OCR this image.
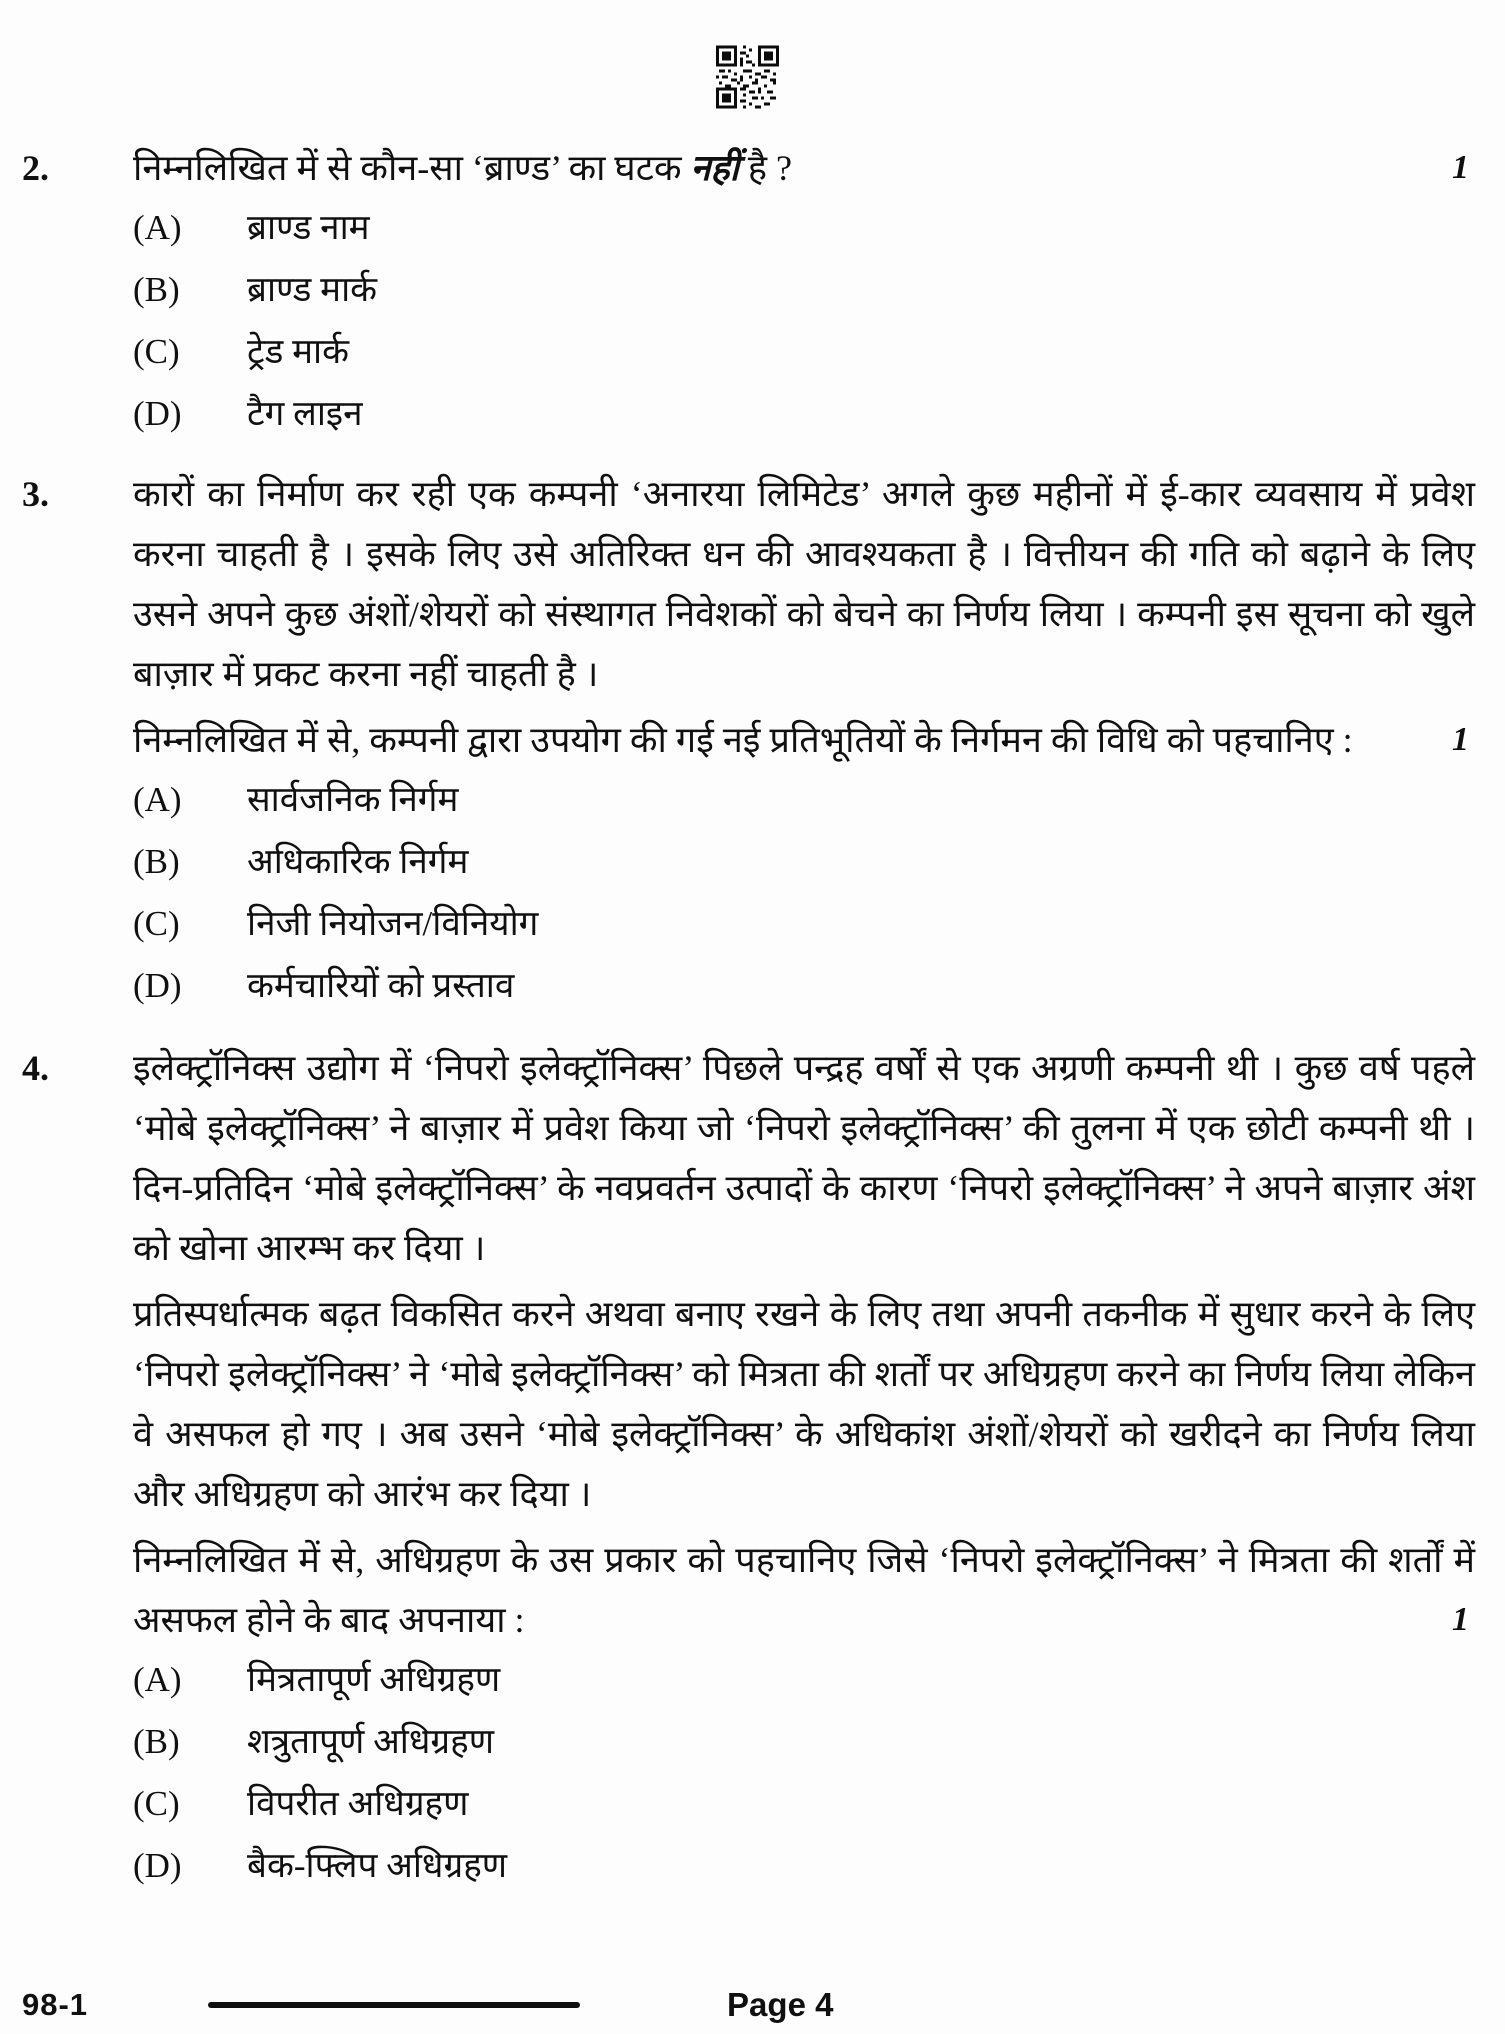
2.	निम्नलिखित में से कौन-सा ‘ब्राण्ड’ का घटक नहीं है ?	1

(A)	ब्राण्ड नाम
(B)	ब्राण्ड मार्क
(C)	ट्रेड मार्क
(D)	टैग लाइन
3.	कारों का निर्माण कर रही एक कम्पनी ‘अनारया लिमिटेड’ अगले कुछ महीनों में ई-कार व्यवसाय में प्रवेश करना चाहती है । इसके लिए उसे अतिरिक्त धन की आवश्यकता है । वित्तीयन की गति को बढ़ाने के लिए उसने अपने कुछ अंशों/शेयरों को संस्थागत निवेशकों को बेचने का निर्णय लिया । कम्पनी इस सूचना को खुले बाज़ार में प्रकट करना नहीं चाहती है ।

निम्नलिखित में से, कम्पनी द्वारा उपयोग की गई नई प्रतिभूतियों के निर्गमन की विधि को पहचानिए :	1

(A)	सार्वजनिक निर्गम
(B)	अधिकारिक निर्गम
(C)	निजी नियोजन/विनियोग
(D)	कर्मचारियों को प्रस्ताव
4.	इलेक्ट्रॉनिक्स उद्योग में ‘निपरो इलेक्ट्रॉनिक्स’ पिछले पन्द्रह वर्षों से एक अग्रणी कम्पनी थी । कुछ वर्ष पहले ‘मोबे इलेक्ट्रॉनिक्स’ ने बाज़ार में प्रवेश किया जो ‘निपरो इलेक्ट्रॉनिक्स’ की तुलना में एक छोटी कम्पनी थी । दिन-प्रतिदिन ‘मोबे इलेक्ट्रॉनिक्स’ के नवप्रवर्तन उत्पादों के कारण ‘निपरो इलेक्ट्रॉनिक्स’ ने अपने बाज़ार अंश को खोना आरम्भ कर दिया ।

प्रतिस्पर्धात्मक बढ़त विकसित करने अथवा बनाए रखने के लिए तथा अपनी तकनीक में सुधार करने के लिए ‘निपरो इलेक्ट्रॉनिक्स’ ने ‘मोबे इलेक्ट्रॉनिक्स’ को मित्रता की शर्तों पर अधिग्रहण करने का निर्णय लिया लेकिन वे असफल हो गए । अब उसने ‘मोबे इलेक्ट्रॉनिक्स’ के अधिकांश अंशों/शेयरों को खरीदने का निर्णय लिया और अधिग्रहण को आरंभ कर दिया ।

निम्नलिखित में से, अधिग्रहण के उस प्रकार को पहचानिए जिसे ‘निपरो इलेक्ट्रॉनिक्स’ ने मित्रता की शर्तों में असफल होने के बाद अपनाया :	1

(A)	मित्रतापूर्ण अधिग्रहण
(B)	शत्रुतापूर्ण अधिग्रहण
(C)	विपरीत अधिग्रहण
(D)	बैक-फ्लिप अधिग्रहण
98-1	Page 4
